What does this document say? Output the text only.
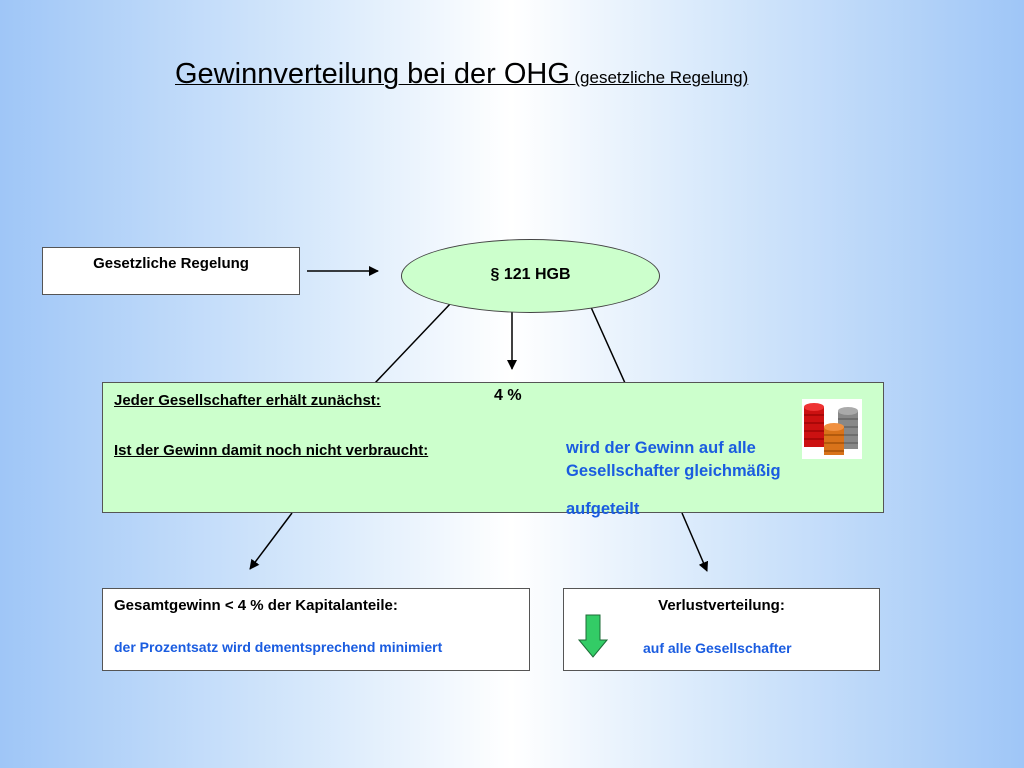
Gewinnverteilung bei der OHG (gesetzliche Regelung)
Gesetzliche Regelung
§ 121 HGB
Jeder Gesellschafter erhält zunächst:
Ist der Gewinn damit noch nicht verbraucht:
4 %
wird der Gewinn auf alle
Gesellschafter gleichmäßig
aufgeteilt
Gesamtgewinn < 4 % der Kapitalanteile:
der Prozentsatz wird dementsprechend minimiert
Verlustverteilung:
auf alle Gesellschafter
